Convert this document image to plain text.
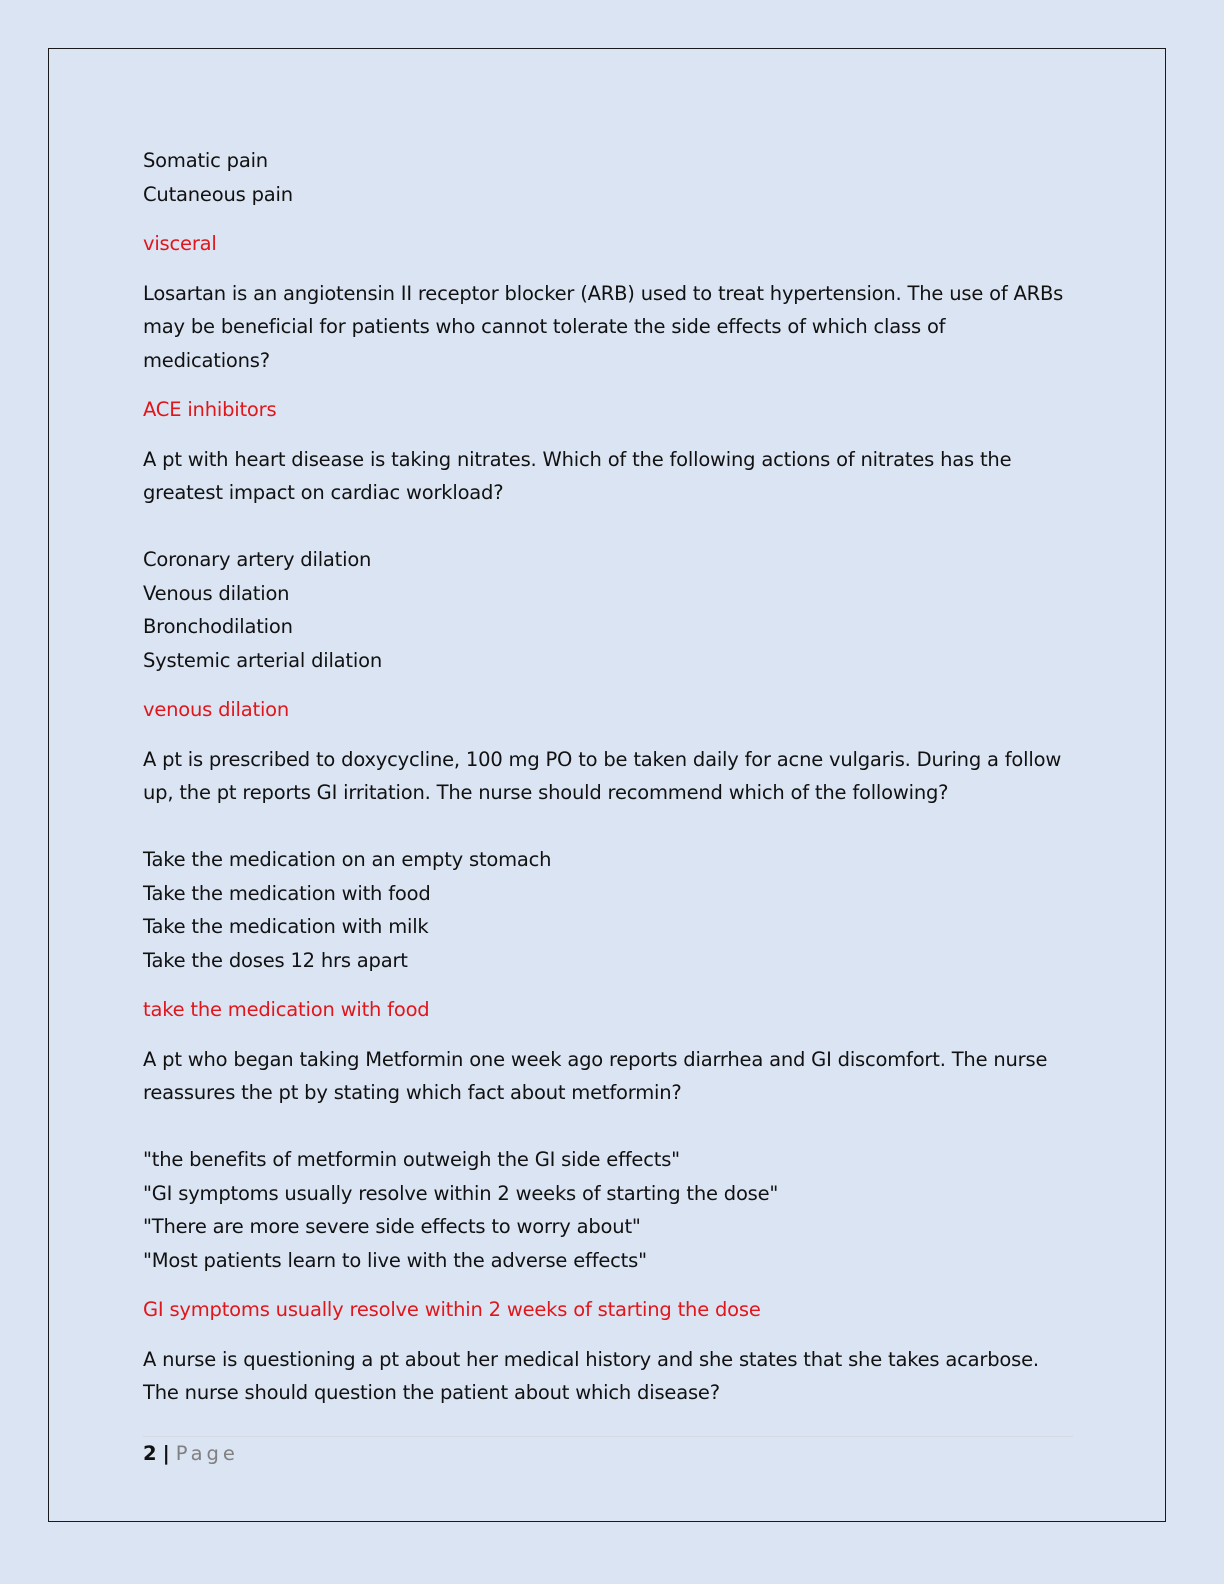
Somatic pain
Cutaneous pain
visceral
Losartan is an angiotensin II receptor blocker (ARB) used to treat hypertension. The use of ARBs
may be beneficial for patients who cannot tolerate the side effects of which class of
medications?
ACE inhibitors
A pt with heart disease is taking nitrates. Which of the following actions of nitrates has the
greatest impact on cardiac workload?
Coronary artery dilation
Venous dilation
Bronchodilation
Systemic arterial dilation
venous dilation
A pt is prescribed to doxycycline, 100 mg PO to be taken daily for acne vulgaris. During a follow
up, the pt reports GI irritation. The nurse should recommend which of the following?
Take the medication on an empty stomach
Take the medication with food
Take the medication with milk
Take the doses 12 hrs apart
take the medication with food
A pt who began taking Metformin one week ago reports diarrhea and GI discomfort. The nurse
reassures the pt by stating which fact about metformin?
"the benefits of metformin outweigh the GI side effects"
"GI symptoms usually resolve within 2 weeks of starting the dose"
"There are more severe side effects to worry about"
"Most patients learn to live with the adverse effects"
GI symptoms usually resolve within 2 weeks of starting the dose
A nurse is questioning a pt about her medical history and she states that she takes acarbose.
The nurse should question the patient about which disease?
2 | Page
